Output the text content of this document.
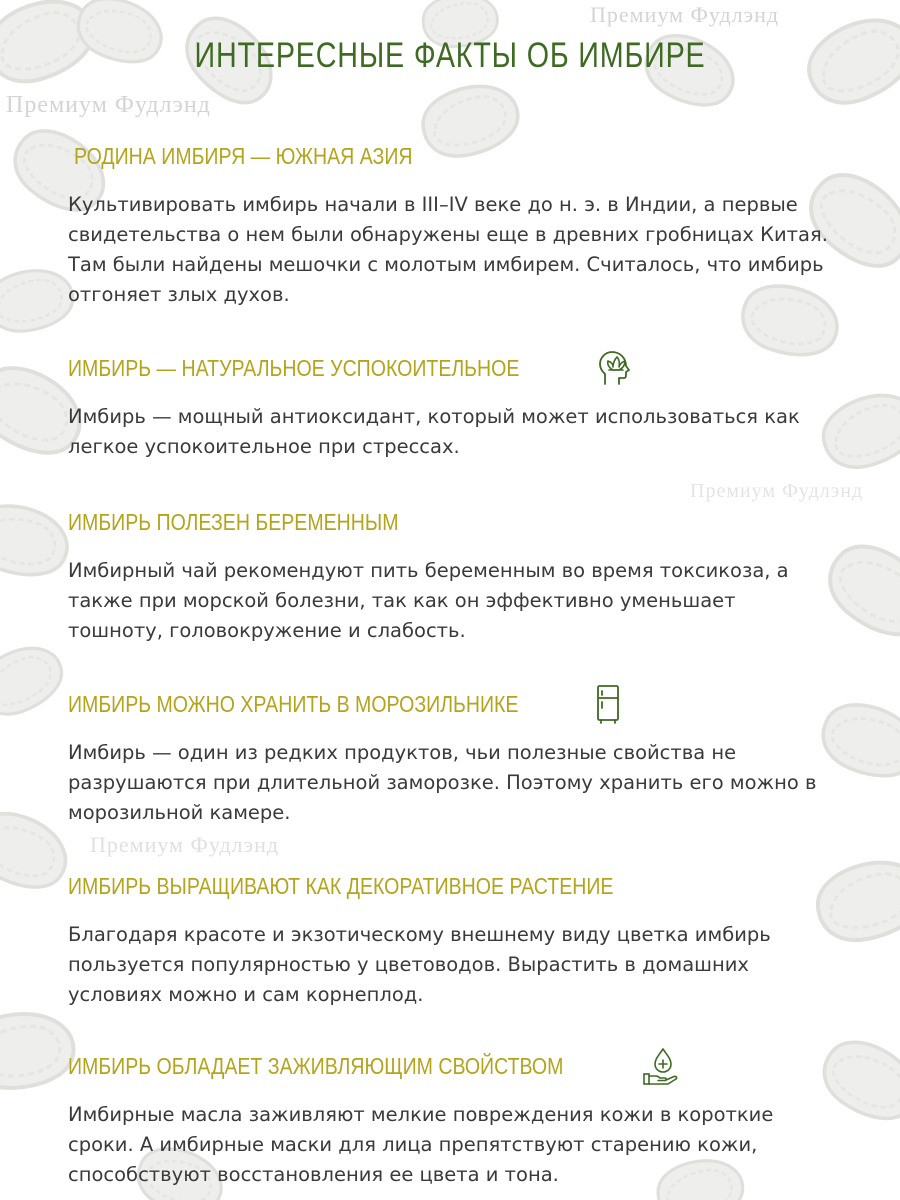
Премиум Фудлэнд
Премиум Фудлэнд
Премиум Фудлэнд
Премиум Фудлэнд
ИНТЕРЕСНЫЕ ФАКТЫ ОБ ИМБИРЕ
РОДИНА ИМБИРЯ — ЮЖНАЯ АЗИЯ
Культивировать имбирь начали в III–IV веке до н. э. в Индии, а первые свидетельства о нем были обнаружены еще в древних гробницах Китая. Там были найдены мешочки с молотым имбирем. Считалось, что имбирь отгоняет злых духов.
ИМБИРЬ — НАТУРАЛЬНОЕ УСПОКОИТЕЛЬНОЕ
Имбирь — мощный антиоксидант, который может использоваться как легкое успокоительное при стрессах.
ИМБИРЬ ПОЛЕЗЕН БЕРЕМЕННЫМ
Имбирный чай рекомендуют пить беременным во время токсикоза, а также при морской болезни, так как он эффективно уменьшает тошноту, головокружение и слабость.
ИМБИРЬ МОЖНО ХРАНИТЬ В МОРОЗИЛЬНИКЕ
Имбирь — один из редких продуктов, чьи полезные свойства не разрушаются при длительной заморозке. Поэтому хранить его можно в морозильной камере.
ИМБИРЬ ВЫРАЩИВАЮТ КАК ДЕКОРАТИВНОЕ РАСТЕНИЕ
Благодаря красоте и экзотическому внешнему виду цветка имбирь пользуется популярностью у цветоводов. Вырастить в домашних условиях можно и сам корнеплод.
ИМБИРЬ ОБЛАДАЕТ ЗАЖИВЛЯЮЩИМ СВОЙСТВОМ
Имбирные масла заживляют мелкие повреждения кожи в короткие сроки. А имбирные маски для лица препятствуют старению кожи, способствуют восстановления ее цвета и тона.
